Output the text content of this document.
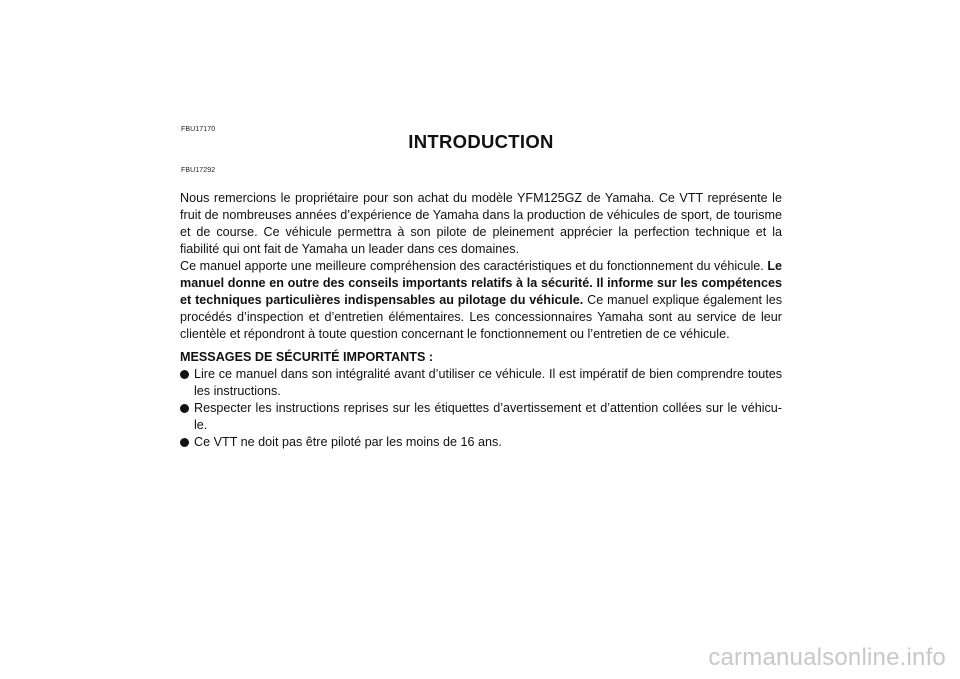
FBU17170
INTRODUCTION
FBU17292

Nous remercions le propriétaire pour son achat du modèle YFM125GZ de Yamaha. Ce VTT représente le fruit de nombreuses années d’expérience de Yamaha dans la production de véhicules de sport, de tourisme et de course. Ce véhicule permettra à son pilote de pleinement apprécier la perfection technique et la fiabilité qui ont fait de Yamaha un leader dans ces domaines.

Ce manuel apporte une meilleure compréhension des caractéristiques et du fonctionnement du véhicule. Le manuel donne en outre des conseils importants relatifs à la sécurité. Il informe sur les compétences et techniques particulières indispensables au pilotage du véhicule. Ce manuel explique également les procédés d’inspection et d’entretien élémentaires. Les concessionnaires Yamaha sont au service de leur clientèle et répondront à toute question concernant le fonctionnement ou l’entretien de ce véhicule.

MESSAGES DE SÉCURITÉ IMPORTANTS :
Lire ce manuel dans son intégralité avant d’utiliser ce véhicule. Il est impératif de bien comprendre toutes les instructions.
Respecter les instructions reprises sur les étiquettes d’avertissement et d’attention collées sur le véhicule.
Ce VTT ne doit pas être piloté par les moins de 16 ans.
carmanualsonline.info
